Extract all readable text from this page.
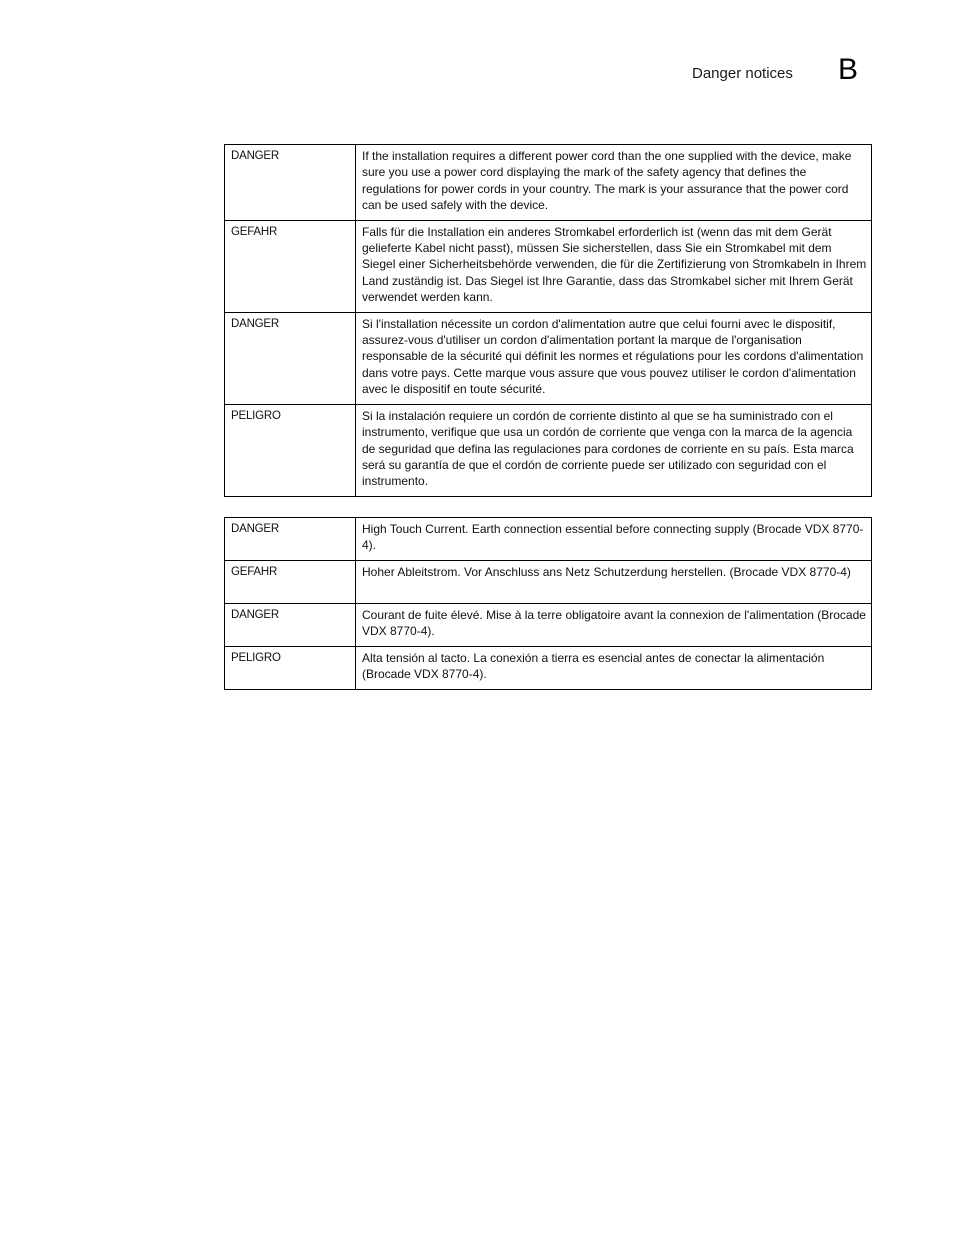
Danger notices B
DANGER	If the installation requires a different power cord than the one supplied with the device, make sure you use a power cord displaying the mark of the safety agency that defines the regulations for power cords in your country. The mark is your assurance that the power cord can be used safely with the device.
GEFAHR	Falls für die Installation ein anderes Stromkabel erforderlich ist (wenn das mit dem Gerät gelieferte Kabel nicht passt), müssen Sie sicherstellen, dass Sie ein Stromkabel mit dem Siegel einer Sicherheitsbehörde verwenden, die für die Zertifizierung von Stromkabeln in Ihrem Land zuständig ist. Das Siegel ist Ihre Garantie, dass das Stromkabel sicher mit Ihrem Gerät verwendet werden kann.
DANGER	Si l'installation nécessite un cordon d'alimentation autre que celui fourni avec le dispositif, assurez-vous d'utiliser un cordon d'alimentation portant la marque de l'organisation responsable de la sécurité qui définit les normes et régulations pour les cordons d'alimentation dans votre pays. Cette marque vous assure que vous pouvez utiliser le cordon d'alimentation avec le dispositif en toute sécurité.
PELIGRO	Si la instalación requiere un cordón de corriente distinto al que se ha suministrado con el instrumento, verifique que usa un cordón de corriente que venga con la marca de la agencia de seguridad que defina las regulaciones para cordones de corriente en su país. Esta marca será su garantía de que el cordón de corriente puede ser utilizado con seguridad con el instrumento.
DANGER	High Touch Current. Earth connection essential before connecting supply (Brocade VDX 8770-4).
GEFAHR	Hoher Ableitstrom. Vor Anschluss ans Netz Schutzerdung herstellen. (Brocade VDX 8770-4)
DANGER	Courant de fuite élevé. Mise à la terre obligatoire avant la connexion de l'alimentation (Brocade VDX 8770-4).
PELIGRO	Alta tensión al tacto. La conexión a tierra es esencial antes de conectar la alimentación (Brocade VDX 8770-4).
